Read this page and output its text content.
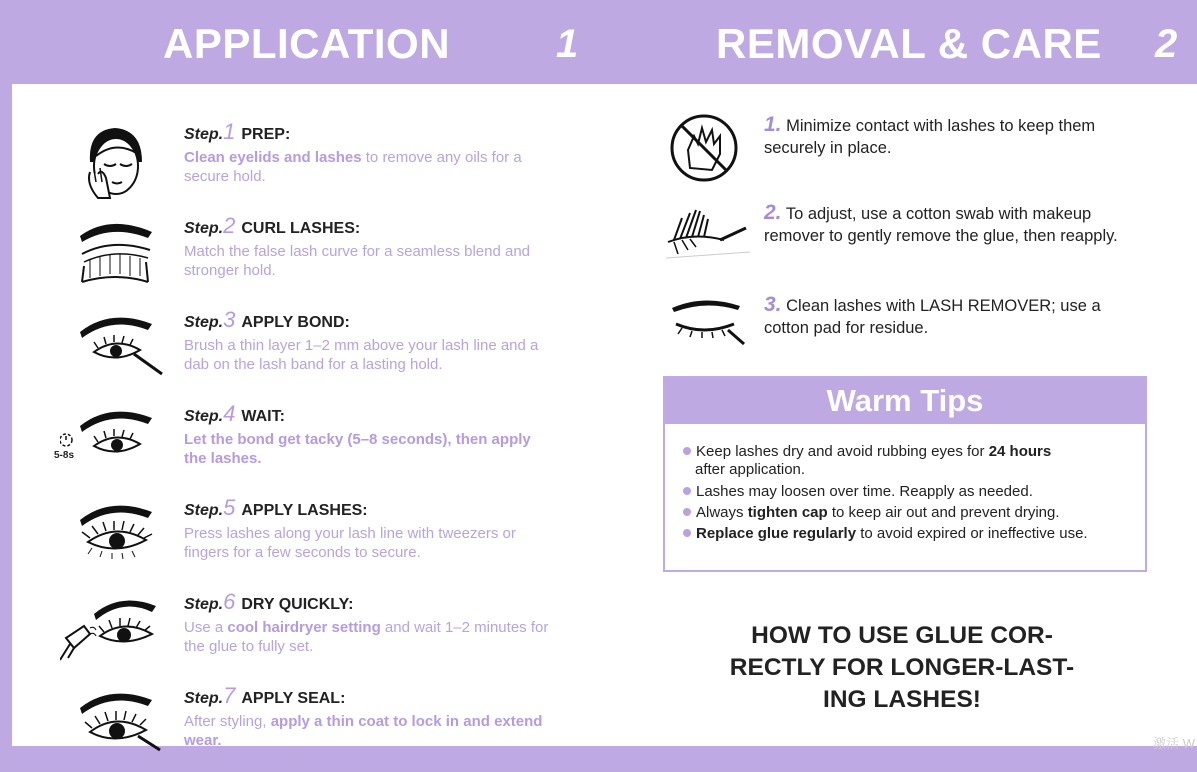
APPLICATION	1	REMOVAL & CARE 2
Step.1 PREP:
Clean eyelids and lashes to remove any oils for a secure hold.
Step.2 CURL LASHES:
Match the false lash curve for a seamless blend and stronger hold.
Step.3 APPLY BOND:
Brush a thin layer 1–2 mm above your lash line and a dab on the lash band for a lasting hold.
5-8s
Step.4 WAIT:
Let the bond get tacky (5–8 seconds), then apply the lashes.
Step.5 APPLY LASHES:
Press lashes along your lash line with tweezers or fingers for a few seconds to secure.
Step.6 DRY QUICKLY:
Use a cool hairdryer setting and wait 1–2 minutes for the glue to fully set.
Step.7 APPLY SEAL:
After styling, apply a thin coat to lock in and extend wear.
1. Minimize contact with lashes to keep them securely in place.
2. To adjust, use a cotton swab with makeup remover to gently remove the glue, then reapply.
3. Clean lashes with LASH REMOVER; use a cotton pad for residue.
Warm Tips
Keep lashes dry and avoid rubbing eyes for 24 hours
after application.
Lashes may loosen over time. Reapply as needed.
Always tighten cap to keep air out and prevent drying.
Replace glue regularly to avoid expired or ineffective use.
HOW TO USE GLUE COR-
RECTLY FOR LONGER-LAST-
ING LASHES!
激活 W
